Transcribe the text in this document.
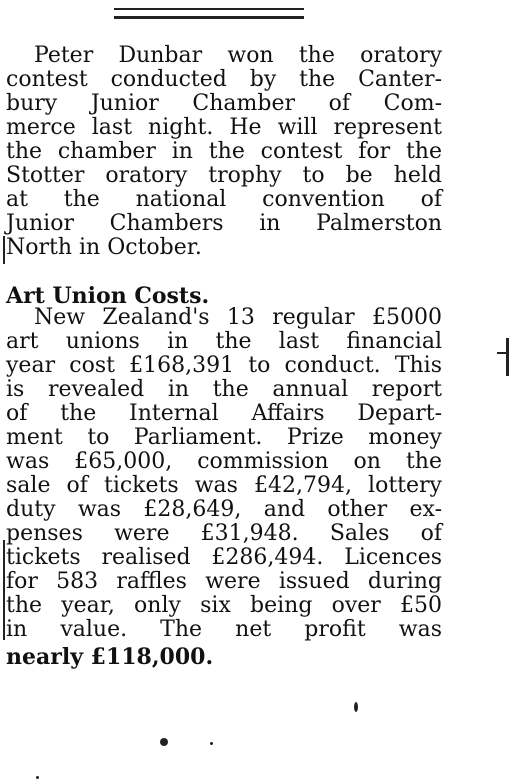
Peter Dunbar won the oratory
contest conducted by the Canter-
bury Junior Chamber of Com-
merce last night. He will represent
the chamber in the contest for the
Stotter oratory trophy to be held
at the national convention of
Junior Chambers in Palmerston
North in October.
Art Union Costs.
New Zealand's 13 regular £5000
art unions in the last financial
year cost £168,391 to conduct. This
is revealed in the annual report
of the Internal Affairs Depart-
ment to Parliament. Prize money
was £65,000, commission on the
sale of tickets was £42,794, lottery
duty was £28,649, and other ex-
penses were £31,948. Sales of
tickets realised £286,494. Licences
for 583 raffles were issued during
the year, only six being over £50
in value. The net profit was
nearly £118,000.
